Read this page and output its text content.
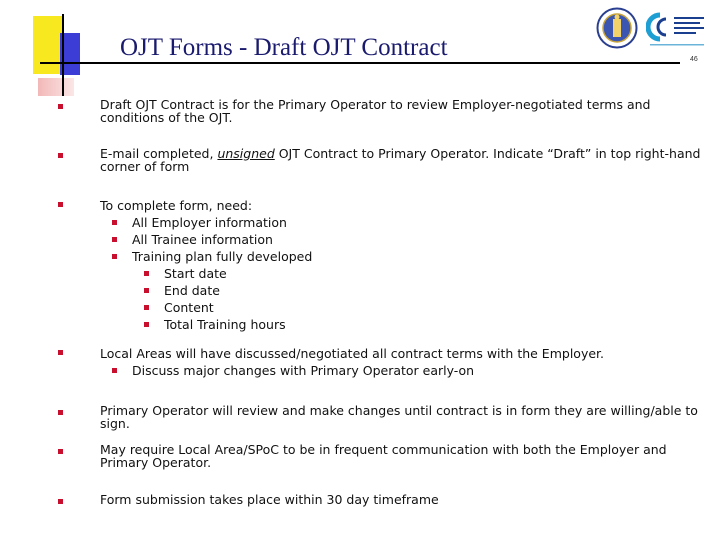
OJT Forms - Draft OJT Contract	46
Draft OJT Contract is for the Primary Operator to review Employer-negotiated terms and conditions of the OJT.
E-mail completed, unsigned OJT Contract to Primary Operator. Indicate “Draft” in top right-hand corner of form
To complete form, need:
All Employer information
All Trainee information
Training plan fully developed
Start date
End date
Content
Total Training hours
Local Areas will have discussed/negotiated all contract terms with the Employer.
Discuss major changes with Primary Operator early-on
Primary Operator will review and make changes until contract is in form they are willing/able to sign.
May require Local Area/SPoC to be in frequent communication with both the Employer and Primary Operator.
Form submission takes place within 30 day timeframe
